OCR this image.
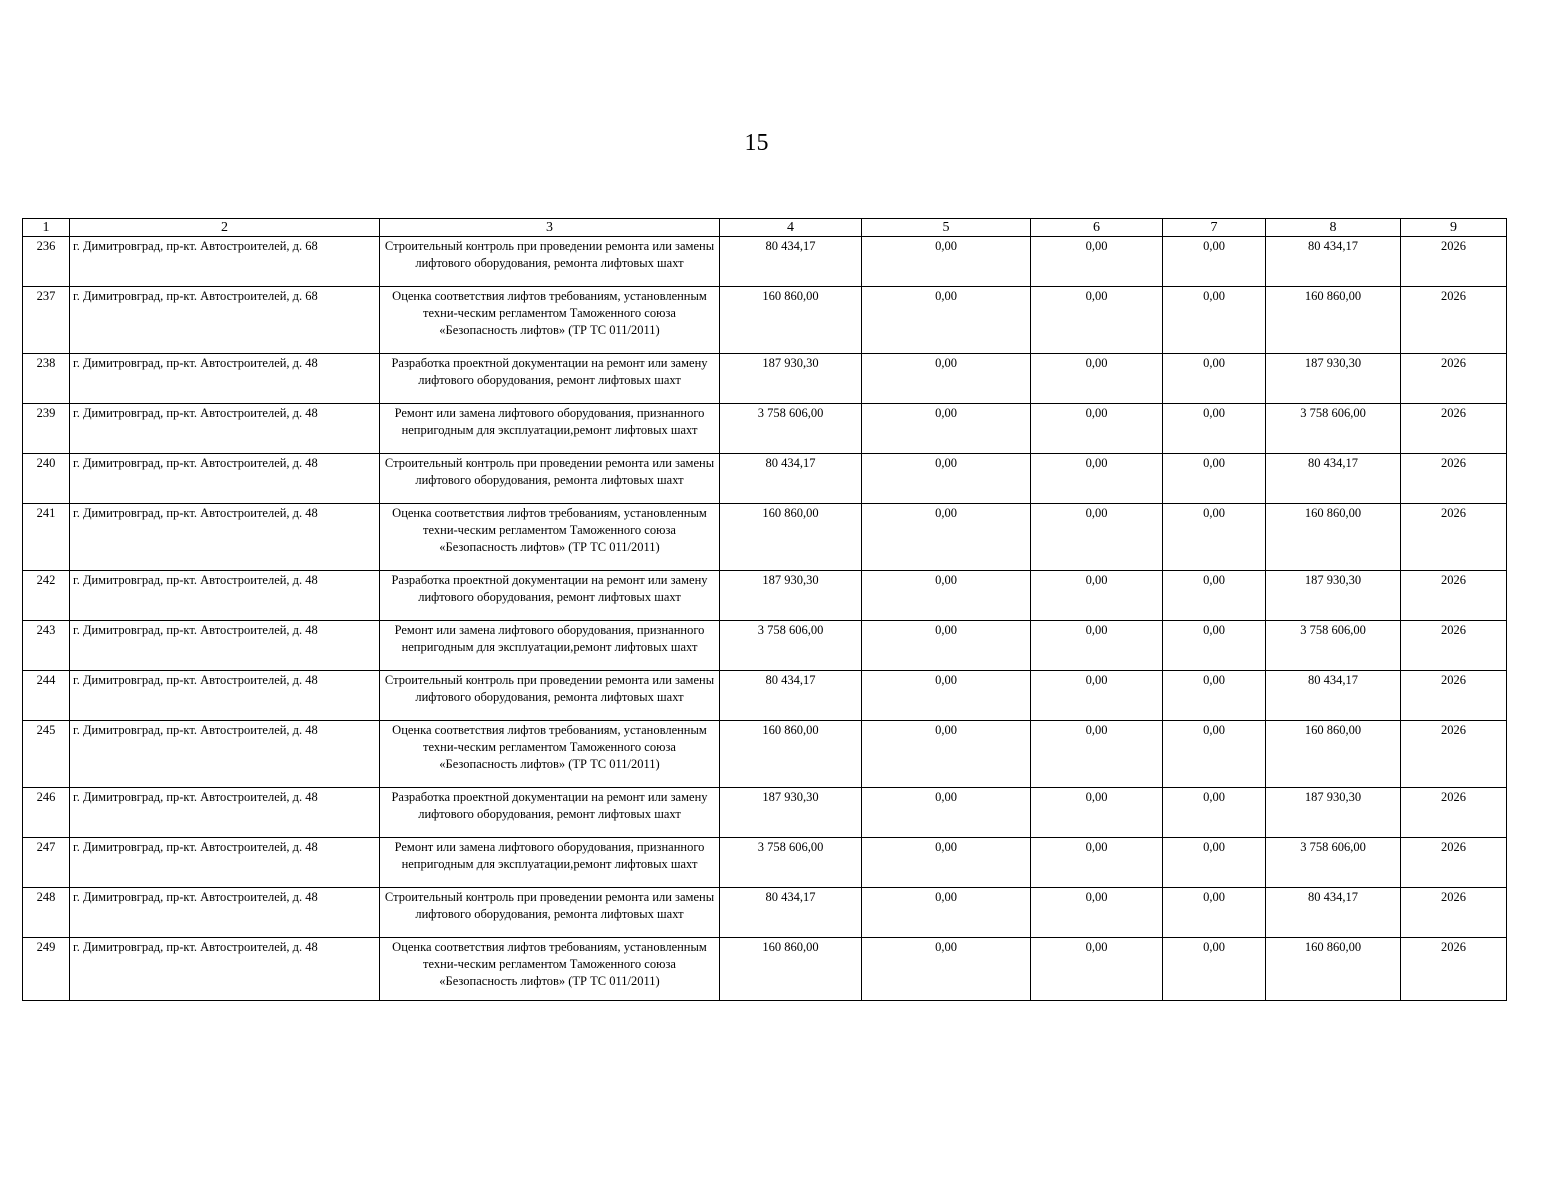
15
1	2	3	4	5	6	7	8	9
236	г. Димитровград, пр-кт. Автостроителей, д. 68	Строительный контроль при проведении ремонта или замены лифтового оборудования, ремонта лифтовых шахт	80 434,17	0,00	0,00	0,00	80 434,17	2026
237	г. Димитровград, пр-кт. Автостроителей, д. 68	Оценка соответствия лифтов требованиям, установленным техни-ческим регламентом Таможенного союза «Безопасность лифтов» (ТР ТС 011/2011)	160 860,00	0,00	0,00	0,00	160 860,00	2026
238	г. Димитровград, пр-кт. Автостроителей, д. 48	Разработка проектной документации на ремонт или замену лифтового оборудования, ремонт лифтовых шахт	187 930,30	0,00	0,00	0,00	187 930,30	2026
239	г. Димитровград, пр-кт. Автостроителей, д. 48	Ремонт или замена лифтового оборудования, признанного непригодным для эксплуатации,ремонт лифтовых шахт	3 758 606,00	0,00	0,00	0,00	3 758 606,00	2026
240	г. Димитровград, пр-кт. Автостроителей, д. 48	Строительный контроль при проведении ремонта или замены лифтового оборудования, ремонта лифтовых шахт	80 434,17	0,00	0,00	0,00	80 434,17	2026
241	г. Димитровград, пр-кт. Автостроителей, д. 48	Оценка соответствия лифтов требованиям, установленным техни-ческим регламентом Таможенного союза «Безопасность лифтов» (ТР ТС 011/2011)	160 860,00	0,00	0,00	0,00	160 860,00	2026
242	г. Димитровград, пр-кт. Автостроителей, д. 48	Разработка проектной документации на ремонт или замену лифтового оборудования, ремонт лифтовых шахт	187 930,30	0,00	0,00	0,00	187 930,30	2026
243	г. Димитровград, пр-кт. Автостроителей, д. 48	Ремонт или замена лифтового оборудования, признанного непригодным для эксплуатации,ремонт лифтовых шахт	3 758 606,00	0,00	0,00	0,00	3 758 606,00	2026
244	г. Димитровград, пр-кт. Автостроителей, д. 48	Строительный контроль при проведении ремонта или замены лифтового оборудования, ремонта лифтовых шахт	80 434,17	0,00	0,00	0,00	80 434,17	2026
245	г. Димитровград, пр-кт. Автостроителей, д. 48	Оценка соответствия лифтов требованиям, установленным техни-ческим регламентом Таможенного союза «Безопасность лифтов» (ТР ТС 011/2011)	160 860,00	0,00	0,00	0,00	160 860,00	2026
246	г. Димитровград, пр-кт. Автостроителей, д. 48	Разработка проектной документации на ремонт или замену лифтового оборудования, ремонт лифтовых шахт	187 930,30	0,00	0,00	0,00	187 930,30	2026
247	г. Димитровград, пр-кт. Автостроителей, д. 48	Ремонт или замена лифтового оборудования, признанного непригодным для эксплуатации,ремонт лифтовых шахт	3 758 606,00	0,00	0,00	0,00	3 758 606,00	2026
248	г. Димитровград, пр-кт. Автостроителей, д. 48	Строительный контроль при проведении ремонта или замены лифтового оборудования, ремонта лифтовых шахт	80 434,17	0,00	0,00	0,00	80 434,17	2026
249	г. Димитровград, пр-кт. Автостроителей, д. 48	Оценка соответствия лифтов требованиям, установленным техни-ческим регламентом Таможенного союза «Безопасность лифтов» (ТР ТС 011/2011)	160 860,00	0,00	0,00	0,00	160 860,00	2026
